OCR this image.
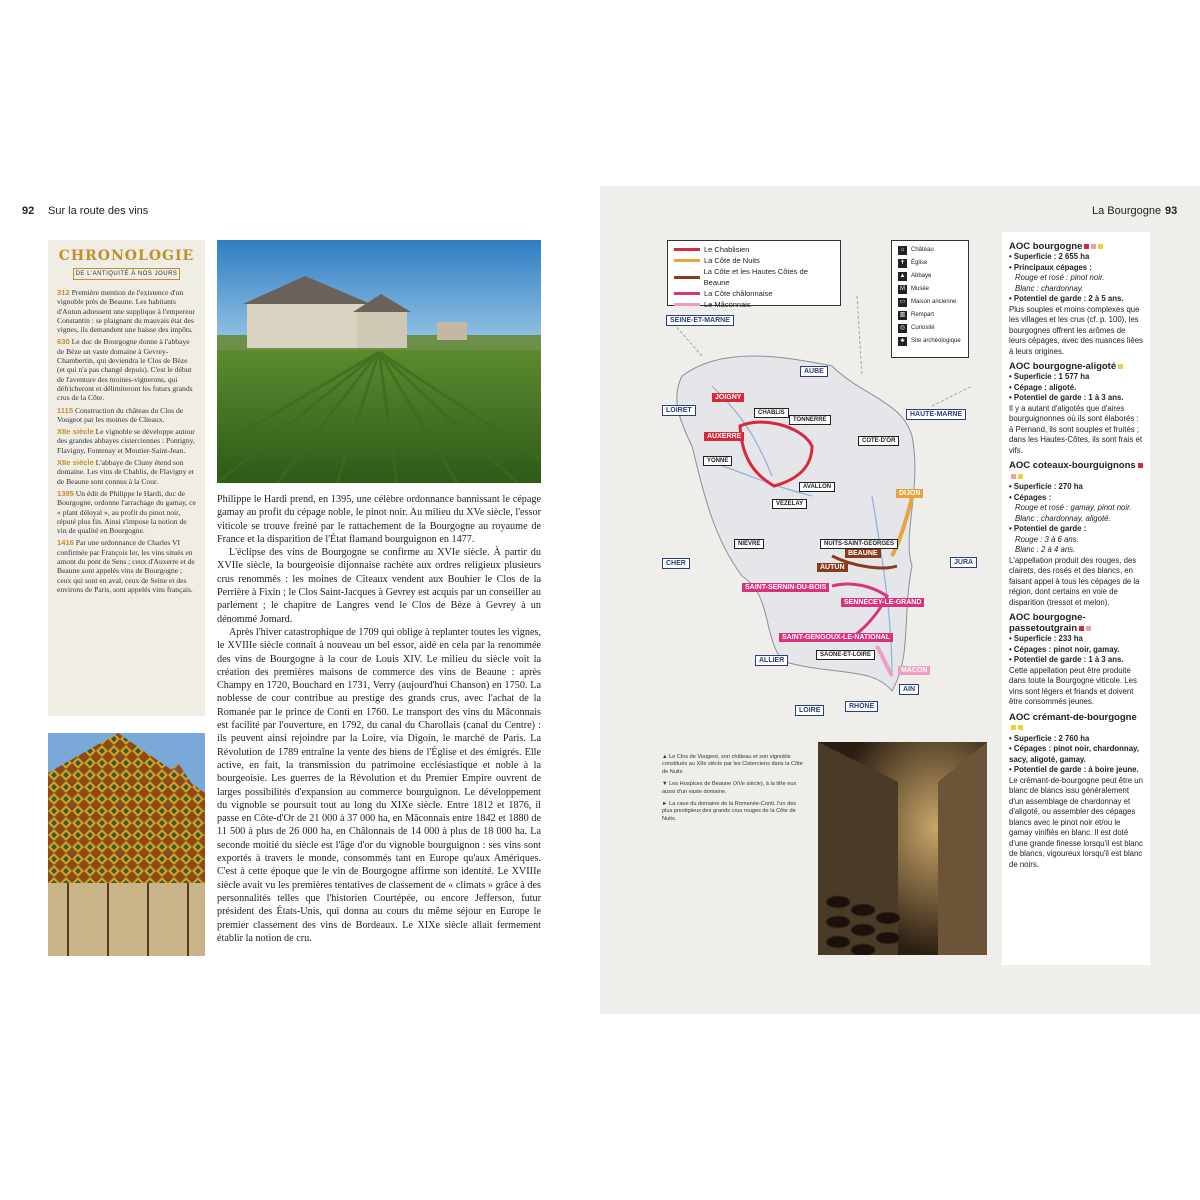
92 Sur la route des vins
CHRONOLOGIE
DE L'ANTIQUITÉ À NOS JOURS
312 Première mention de l'existence d'un vignoble près de Beaune. Les habitants d'Autun adressent une supplique à l'empereur Constantin : se plaignant du mauvais état des vignes, ils demandent une baisse des impôts.
630 Le duc de Bourgogne donne à l'abbaye de Bèze un vaste domaine à Gevrey-Chambertin, qui deviendra le Clos de Bèze (et qui n'a pas changé depuis). C'est le début de l'aventure des moines-vignerons, qui défricheront et délimiteront les futurs grands crus de la Côte.
1115 Construction du château du Clos de Vougeot par les moines de Cîteaux.
XIIe siècle Le vignoble se développe autour des grandes abbayes cisterciennes : Pontigny, Flavigny, Fontenay et Moutier-Saint-Jean.
XIIe siècle L'abbaye de Cluny étend son domaine. Les vins de Chablis, de Flavigny et de Beaune sont connus à la Cour.
1395 Un édit de Philippe le Hardi, duc de Bourgogne, ordonne l'arrachage du gamay, ce « plant déloyal », au profit du pinot noir, réputé plus fin. Ainsi s'impose la notion de vin de qualité en Bourgogne.
1416 Par une ordonnance de Charles VI confirmée par François Ier, les vins situés en amont du pont de Sens ; ceux d'Auxerre et de Beaune sont appelés vins de Bourgogne ; ceux qui sont en aval, ceux de Seine et des environs de Paris, sont appelés vins français.

Philippe le Hardi prend, en 1395, une célèbre ordonnance bannissant le cépage gamay au profit du cépage noble, le pinot noir. Au milieu du XVe siècle, l'essor viticole se trouve freiné par le rattachement de la Bourgogne au royaume de France et la disparition de l'État flamand bourguignon en 1477.

L'éclipse des vins de Bourgogne se confirme au XVIe siècle. À partir du XVIIe siècle, la bourgeoisie dijonnaise rachète aux ordres religieux plusieurs crus renommés : les moines de Cîteaux vendent aux Bouhier le Clos de la Perrière à Fixin ; le Clos Saint-Jacques à Gevrey est acquis par un conseiller au parlement ; le chapitre de Langres vend le Clos de Bèze à Gevrey à un dénommé Jomard.

Après l'hiver catastrophique de 1709 qui oblige à replanter toutes les vignes, le XVIIIe siècle connaît à nouveau un bel essor, aidé en cela par la renommée des vins de Bourgogne à la cour de Louis XIV. Le milieu du siècle voit la création des premières maisons de commerce des vins de Beaune : après Champy en 1720, Bouchard en 1731, Verry (aujourd'hui Chanson) en 1750. La noblesse de cour contribue au prestige des grands crus, avec l'achat de la Romanée par le prince de Conti en 1760. Le transport des vins du Mâconnais est facilité par l'ouverture, en 1792, du canal du Charollais (canal du Centre) : ils peuvent ainsi rejoindre par la Loire, via Digoin, le marché de Paris. La Révolution de 1789 entraîne la vente des biens de l'Église et des émigrés. Elle active, en fait, la transmission du patrimoine ecclésiastique et noble à la bourgeoisie. Les guerres de la Révolution et du Premier Empire ouvrent de larges possibilités d'expansion au commerce bourguignon. Le développement du vignoble se poursuit tout au long du XIXe siècle. Entre 1812 et 1876, il passe en Côte-d'Or de 21 000 à 37 000 ha, en Mâconnais entre 1842 et 1880 de 11 500 à plus de 26 000 ha, en Châlonnais de 14 000 à plus de 18 000 ha. La seconde moitié du siècle est l'âge d'or du vignoble bourguignon : ses vins sont exportés à travers le monde, consommés tant en Europe qu'aux Amériques. C'est à cette époque que le vin de Bourgogne affirme son identité. Le XVIIIe siècle avait vu les premières tentatives de classement de « climats » grâce à des personnalités telles que l'historien Courtépée, ou encore Jefferson, futur président des États-Unis, qui donna au cours du même séjour en Europe le premier classement des vins de Bordeaux. Le XIXe siècle allait fermement établir la notion de cru.

La Bourgogne 93
Le Chablisien
La Côte de Nuits
La Côte et les Hautes Côtes de Beaune
La Côte châlonnaise
Le Mâconnais
⌂	Château
✝ Église
▲ Abbaye
M	Musée
▭ Maison ancienne
▥ Rempart
◎ Curiosité
♣	Site archéologique
SEINE-ET-MARNE
AUBE
LOIRET
HAUTE-MARNE
CHER	JURA
ALLIER
AIN
LOIRE
RHÔNE
YONNE
CÔTE-D'OR
NIÈVRE
SAÔNE-ET-LOIRE
JOIGNY
AUXERRE
CHABLIS
TONNERRE
AVALLON
VÉZELAY
NUITS-SAINT-GEORGES
DIJON
BEAUNE
AUTUN
SAINT-SERNIN-DU-BOIS
SENNECEY-LE-GRAND
SAINT-GENGOUX-LE-NATIONAL
MÂCON
▲ Le Clos de Vougeot, son château et son vignoble constitués au XIIe siècle par les Cisterciens dans la Côte de Nuits
▼ Les Hospices de Beaune (XVe siècle), à la tête eux aussi d'un vaste domaine.
► La cave du domaine de la Romanée-Conti, l'un des plus prestigieux des grands crus rouges de la Côte de Nuits.
AOC bourgogne
• Superficie : 2 655 ha
• Principaux cépages :
Rouge et rosé : pinot noir.
Blanc : chardonnay.
• Potentiel de garde : 2 à 5 ans.
Plus souples et moins complexes que les villages et les crus (cf. p. 100), les bourgognes offrent les arômes de leurs cépages, avec des nuances liées à leurs origines.
AOC bourgogne-aligoté
• Superficie : 1 577 ha
• Cépage : aligoté.
• Potentiel de garde : 1 à 3 ans.
Il y a autant d'aligotés que d'aires bourguignonnes où ils sont élaborés : à Pernand, ils sont souples et fruités ; dans les Hautes-Côtes, ils sont frais et vifs.
AOC coteaux-bourguignons
• Superficie : 270 ha
• Cépages :
Rouge et rosé : gamay, pinot noir.
Blanc : chardonnay, aligoté.
• Potentiel de garde :
Rouge : 3 à 6 ans.
Blanc : 2 à 4 ans.
L'appellation produit des rouges, des clairets, des rosés et des blancs, en faisant appel à tous les cépages de la région, dont certains en voie de disparition (tressot et melon).
AOC bourgogne-passetoutgrain
• Superficie : 233 ha
• Cépages : pinot noir, gamay.
• Potentiel de garde : 1 à 3 ans.
Cette appellation peut être produite dans toute la Bourgogne viticole. Les vins sont légers et friands et doivent être consommés jeunes.
AOC crémant-de-bourgogne
• Superficie : 2 760 ha
• Cépages : pinot noir, chardonnay, sacy, aligoté, gamay.
• Potentiel de garde : à boire jeune.
Le crémant-de-bourgogne peut être un blanc de blancs issu généralement d'un assemblage de chardonnay et d'aligoté, ou assembler des cépages blancs avec le pinot noir et/ou le gamay vinifiés en blanc. Il est doté d'une grande finesse lorsqu'il est blanc de blancs, vigoureux lorsqu'il est blanc de noirs.
